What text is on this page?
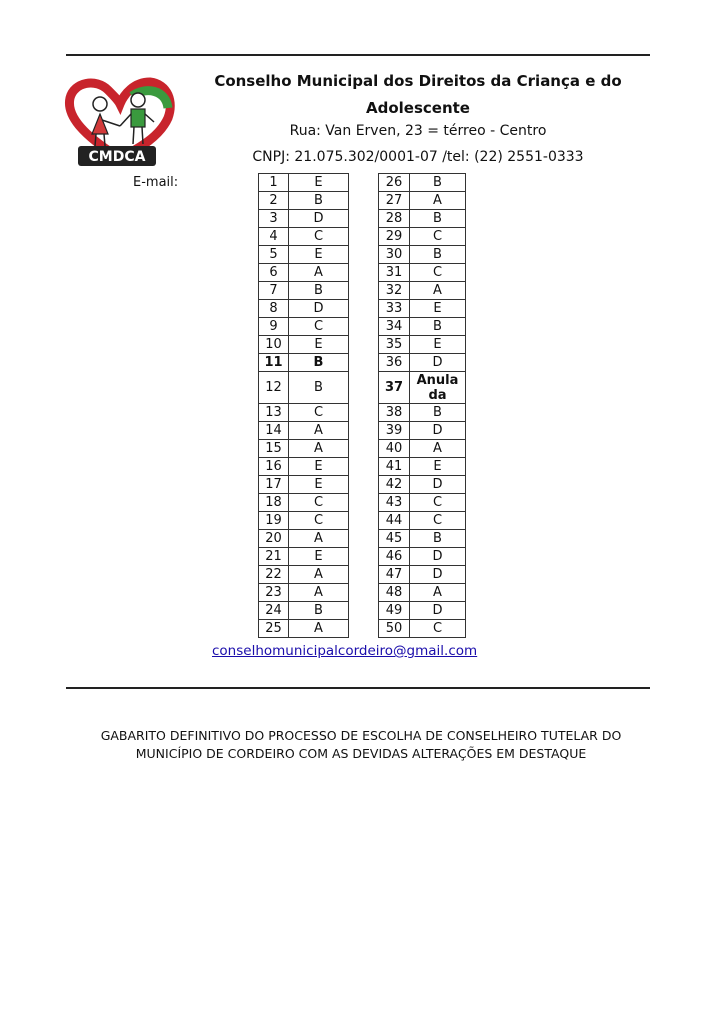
CMDCA
Conselho Municipal dos Direitos da Criança e do Adolescente
Rua: Van Erven, 23 = térreo - Centro
CNPJ: 21.075.302/0001-07 /tel: (22) 2551-0333
E-mail:	1	E
2	B
3	D
4	C
5	E
6	A
7	B
8	D
9	C
10	E
11	B
12	B
13	C
14	A
15	A
16	E
17	E
18	C
19	C
20	A
21	E
22	A
23	A
24	B
25	A
26	B
27	A
28	B
29	C
30	B
31	C
32	A
33	E
34	B
35	E
36	D
37	Anula da
38	B
39	D
40	A
41	E
42	D
43	C
44	C
45	B
46	D
47	D
48	A
49	D
50	C
conselhomunicipalcordeiro@gmail.com
GABARITO DEFINITIVO DO PROCESSO DE ESCOLHA DE CONSELHEIRO TUTELAR DO MUNICÍPIO DE CORDEIRO COM AS DEVIDAS ALTERAÇÕES EM DESTAQUE
